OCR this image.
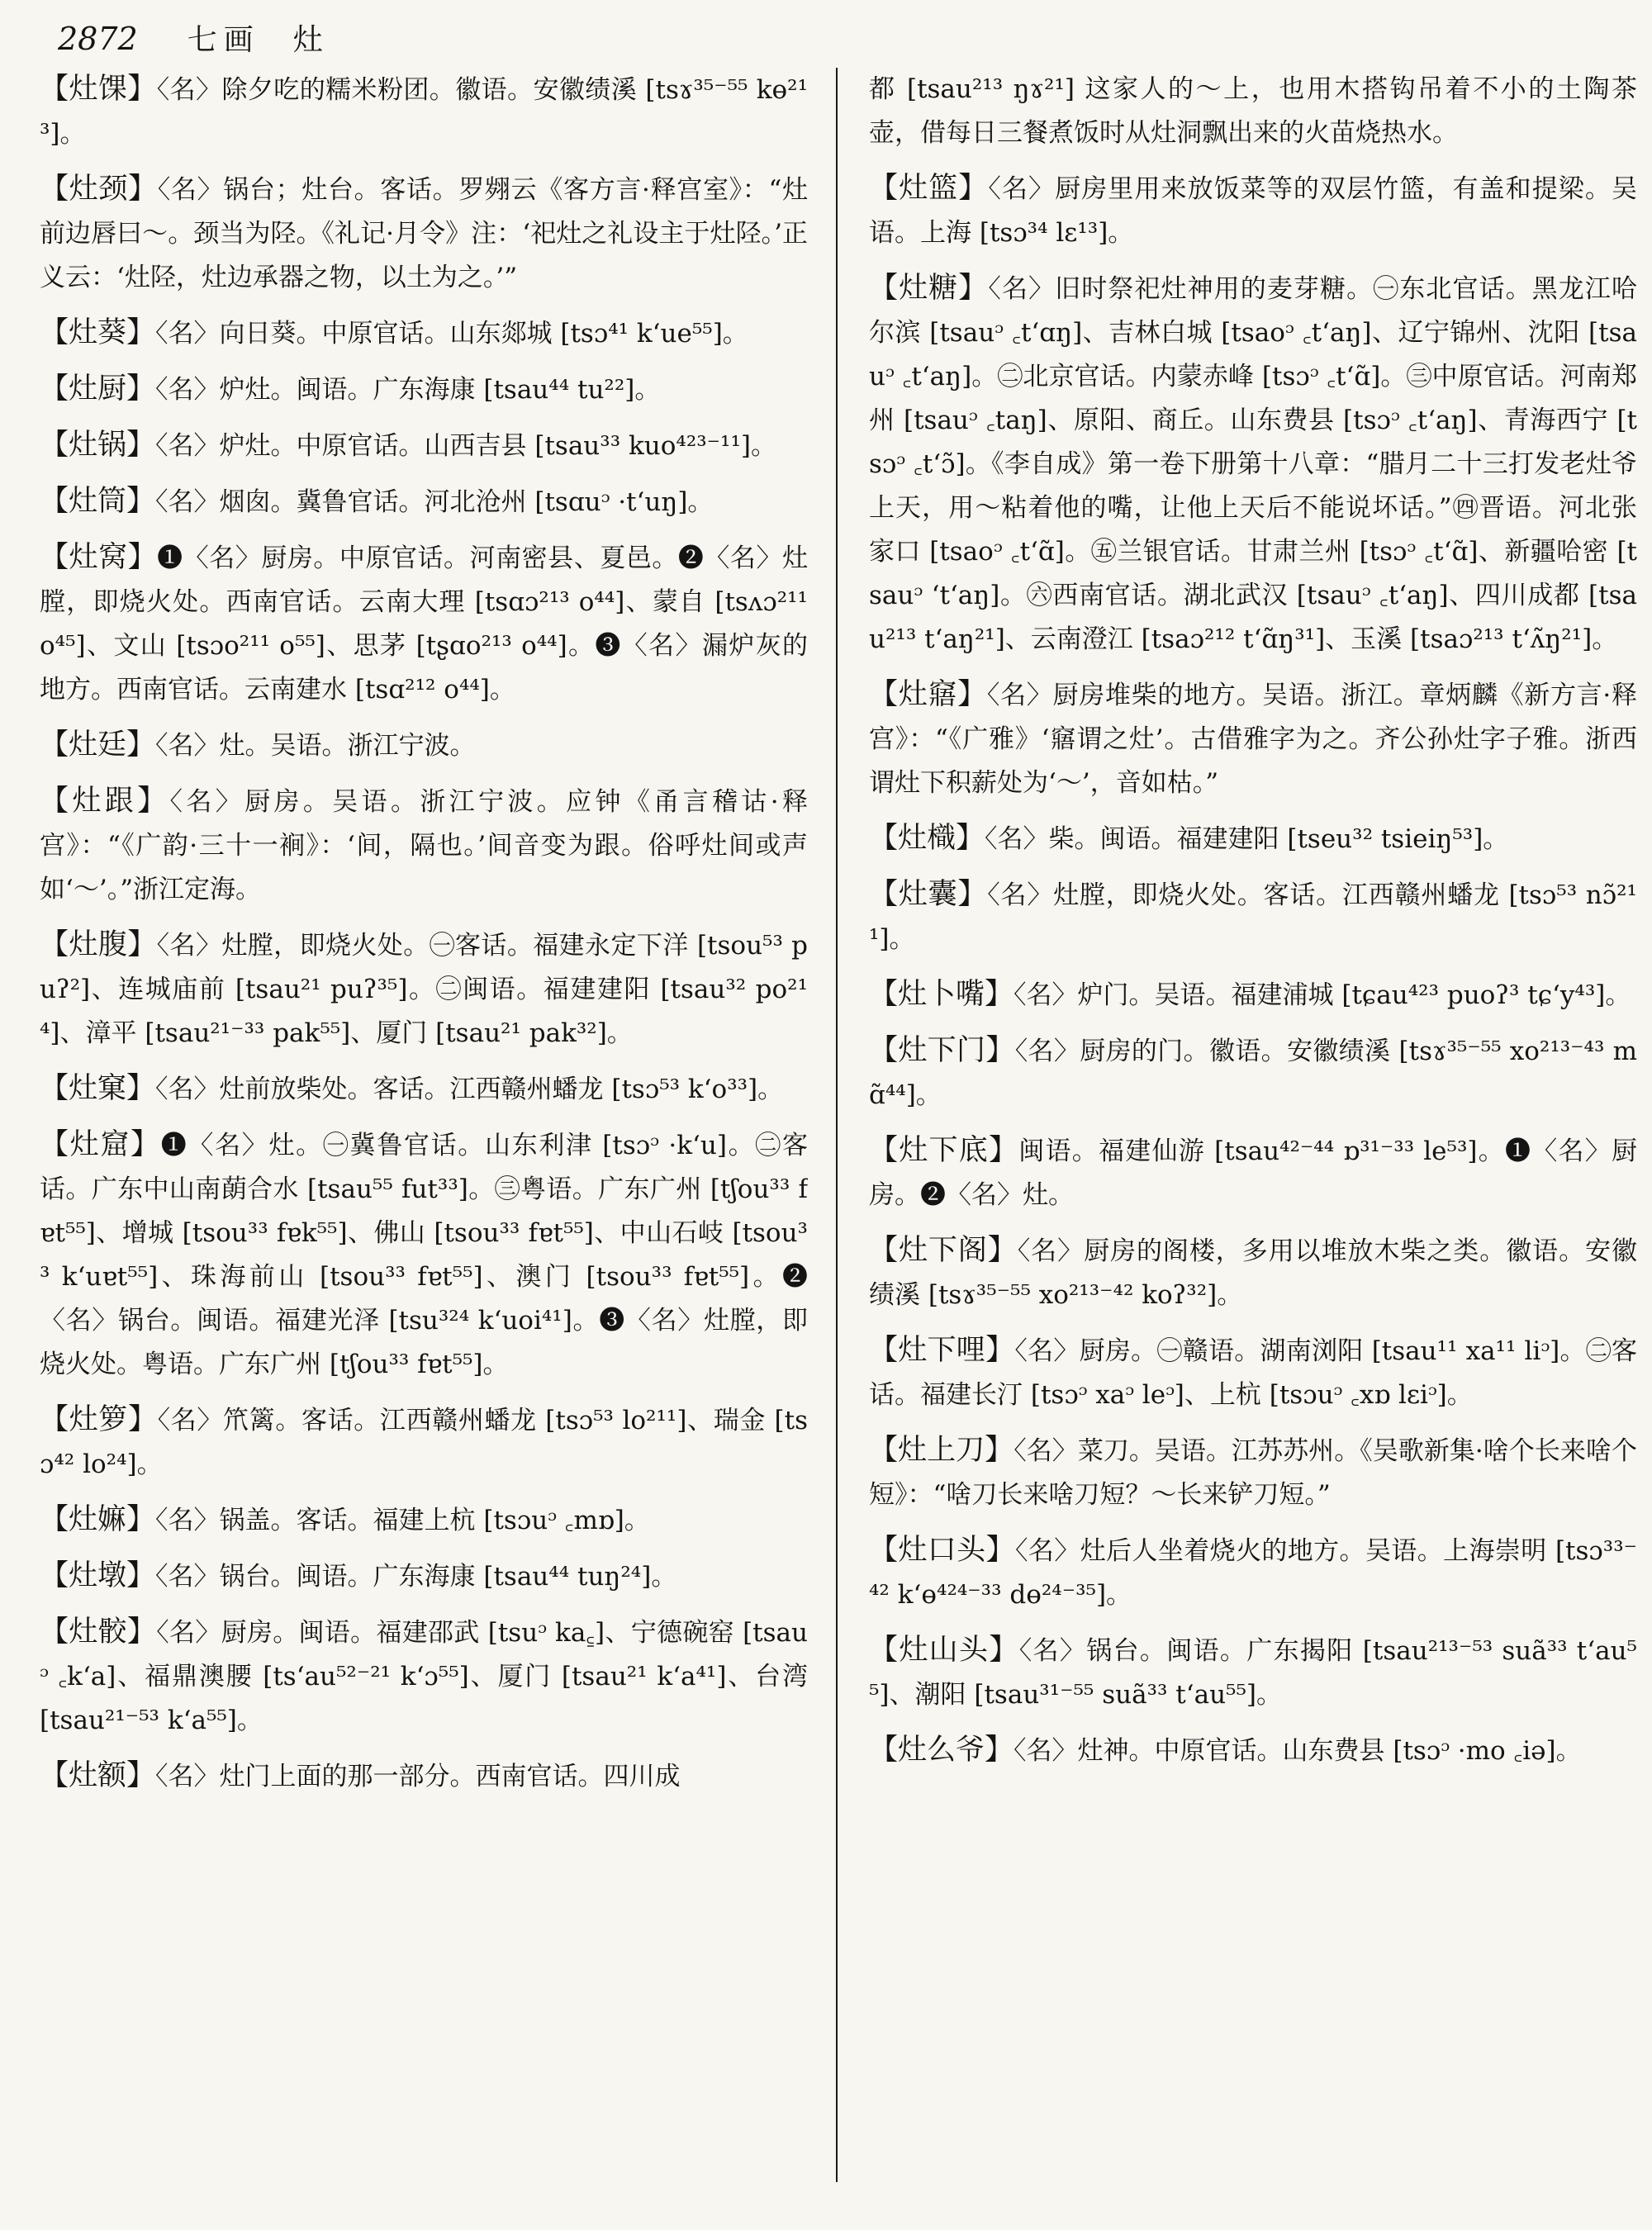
2872 七画 灶

【灶馃】〈名〉除夕吃的糯米粉团。徽语。安徽绩溪 [tsɤ³⁵⁻⁵⁵ kɵ²¹³]。

【灶颈】〈名〉锅台；灶台。客话。罗翙云《客方言·释宫室》：“灶前边唇曰～。颈当为陉。《礼记·月令》注：‘祀灶之礼设主于灶陉。’正义云：‘灶陉，灶边承器之物，以土为之。’”

【灶葵】〈名〉向日葵。中原官话。山东郯城 [tsɔ⁴¹ k‘ue⁵⁵]。

【灶厨】〈名〉炉灶。闽语。广东海康 [tsau⁴⁴ tu²²]。

【灶锅】〈名〉炉灶。中原官话。山西吉县 [tsau³³ kuo⁴²³⁻¹¹]。

【灶筒】〈名〉烟囱。冀鲁官话。河北沧州 [tsɑuᵓ ·t‘uŋ]。

【灶窝】❶〈名〉厨房。中原官话。河南密县、夏邑。❷〈名〉灶膛，即烧火处。西南官话。云南大理 [tsɑɔ²¹³ o⁴⁴]、蒙自 [tsʌɔ²¹¹ o⁴⁵]、文山 [tsɔo²¹¹ o⁵⁵]、思茅 [tʂɑo²¹³ o⁴⁴]。❸〈名〉漏炉灰的地方。西南官话。云南建水 [tsɑ²¹² o⁴⁴]。

【灶廷】〈名〉灶。吴语。浙江宁波。

【灶跟】〈名〉厨房。吴语。浙江宁波。应钟《甬言稽诂·释宫》：“《广韵·三十一裥》：‘间，隔也。’间音变为跟。俗呼灶间或声如‘～’。”浙江定海。

【灶腹】〈名〉灶膛，即烧火处。㊀客话。福建永定下洋 [tsou⁵³ puʔ²]、连城庙前 [tsau²¹ puʔ³⁵]。㊁闽语。福建建阳 [tsau³² po²¹⁴]、漳平 [tsau²¹⁻³³ pak⁵⁵]、厦门 [tsau²¹ pak³²]。

【灶窠】〈名〉灶前放柴处。客话。江西赣州蟠龙 [tsɔ⁵³ k‘o³³]。

【灶窟】❶〈名〉灶。㊀冀鲁官话。山东利津 [tsɔᵓ ·k‘u]。㊁客话。广东中山南蓢合水 [tsau⁵⁵ fut³³]。㊂粤语。广东广州 [tʃou³³ fɐt⁵⁵]、增城 [tsou³³ fɐk⁵⁵]、佛山 [tsou³³ fɐt⁵⁵]、中山石岐 [tsou³³ k‘uɐt⁵⁵]、珠海前山 [tsou³³ fɐt⁵⁵]、澳门 [tsou³³ fɐt⁵⁵]。❷〈名〉锅台。闽语。福建光泽 [tsu³²⁴ k‘uoi⁴¹]。❸〈名〉灶膛，即烧火处。粤语。广东广州 [tʃou³³ fɐt⁵⁵]。

【灶箩】〈名〉笊篱。客话。江西赣州蟠龙 [tsɔ⁵³ lo²¹¹]、瑞金 [tsɔ⁴² lo²⁴]。

【灶嫲】〈名〉锅盖。客话。福建上杭 [tsɔuᵓ ꜀mɒ]。

【灶墩】〈名〉锅台。闽语。广东海康 [tsau⁴⁴ tuŋ²⁴]。

【灶骹】〈名〉厨房。闽语。福建邵武 [tsuᵓ ka꜁]、宁德碗窑 [tsauᵓ ꜀k‘a]、福鼎澳腰 [ts‘au⁵²⁻²¹ k‘ɔ⁵⁵]、厦门 [tsau²¹ k‘a⁴¹]、台湾 [tsau²¹⁻⁵³ k‘a⁵⁵]。

【灶额】〈名〉灶门上面的那一部分。西南官话。四川成

都 [tsau²¹³ ŋɤ²¹] 这家人的～上，也用木搭钩吊着不小的土陶茶壶，借每日三餐煮饭时从灶洞飘出来的火苗烧热水。

【灶篮】〈名〉厨房里用来放饭菜等的双层竹篮，有盖和提梁。吴语。上海 [tsɔ³⁴ lɛ¹³]。

【灶糖】〈名〉旧时祭祀灶神用的麦芽糖。㊀东北官话。黑龙江哈尔滨 [tsauᵓ ꜀t‘ɑŋ]、吉林白城 [tsaoᵓ ꜀t‘aŋ]、辽宁锦州、沈阳 [tsauᵓ ꜀t‘aŋ]。㊁北京官话。内蒙赤峰 [tsɔᵓ ꜀t‘ɑ̃]。㊂中原官话。河南郑州 [tsauᵓ ꜀taŋ]、原阳、商丘。山东费县 [tsɔᵓ ꜀t‘aŋ]、青海西宁 [tsɔᵓ ꜀t‘ɔ̃]。《李自成》第一卷下册第十八章：“腊月二十三打发老灶爷上天，用～粘着他的嘴，让他上天后不能说坏话。”㊃晋语。河北张家口 [tsaoᵓ ꜀t‘ɑ̃]。㊄兰银官话。甘肃兰州 [tsɔᵓ ꜀t‘ɑ̃]、新疆哈密 [tsauᵓ ‘t‘aŋ]。㊅西南官话。湖北武汉 [tsauᵓ ꜀t‘aŋ]、四川成都 [tsau²¹³ t‘aŋ²¹]、云南澄江 [tsaɔ²¹² t‘ɑ̃ŋ³¹]、玉溪 [tsaɔ²¹³ t‘ʌ̃ŋ²¹]。

【灶窹】〈名〉厨房堆柴的地方。吴语。浙江。章炳麟《新方言·释宫》：“《广雅》‘窹谓之灶’。古借雅字为之。齐公孙灶字子雅。浙西谓灶下积薪处为‘～’，音如枯。”

【灶樴】〈名〉柴。闽语。福建建阳 [tseu³² tsieiŋ⁵³]。

【灶囊】〈名〉灶膛，即烧火处。客话。江西赣州蟠龙 [tsɔ⁵³ nɔ̃²¹¹]。

【灶卜嘴】〈名〉炉门。吴语。福建浦城 [tɕau⁴²³ puoʔ³ tɕ‘y⁴³]。

【灶下门】〈名〉厨房的门。徽语。安徽绩溪 [tsɤ³⁵⁻⁵⁵ xo²¹³⁻⁴³ mɑ̃⁴⁴]。

【灶下底】闽语。福建仙游 [tsau⁴²⁻⁴⁴ ɒ³¹⁻³³ le⁵³]。❶〈名〉厨房。❷〈名〉灶。

【灶下阁】〈名〉厨房的阁楼，多用以堆放木柴之类。徽语。安徽绩溪 [tsɤ³⁵⁻⁵⁵ xo²¹³⁻⁴² koʔ³²]。

【灶下哩】〈名〉厨房。㊀赣语。湖南浏阳 [tsau¹¹ xa¹¹ liᵓ]。㊁客话。福建长汀 [tsɔᵓ xaᵓ leᵓ]、上杭 [tsɔuᵓ ꜀xɒ lɛiᵓ]。

【灶上刀】〈名〉菜刀。吴语。江苏苏州。《吴歌新集·啥个长来啥个短》：“啥刀长来啥刀短？～长来铲刀短。”

【灶口头】〈名〉灶后人坐着烧火的地方。吴语。上海崇明 [tsɔ³³⁻⁴² k‘ɵ⁴²⁴⁻³³ dɵ²⁴⁻³⁵]。

【灶山头】〈名〉锅台。闽语。广东揭阳 [tsau²¹³⁻⁵³ suã³³ t‘au⁵⁵]、潮阳 [tsau³¹⁻⁵⁵ suã³³ t‘au⁵⁵]。

【灶么爷】〈名〉灶神。中原官话。山东费县 [tsɔᵓ ·mo ꜀iə]。
